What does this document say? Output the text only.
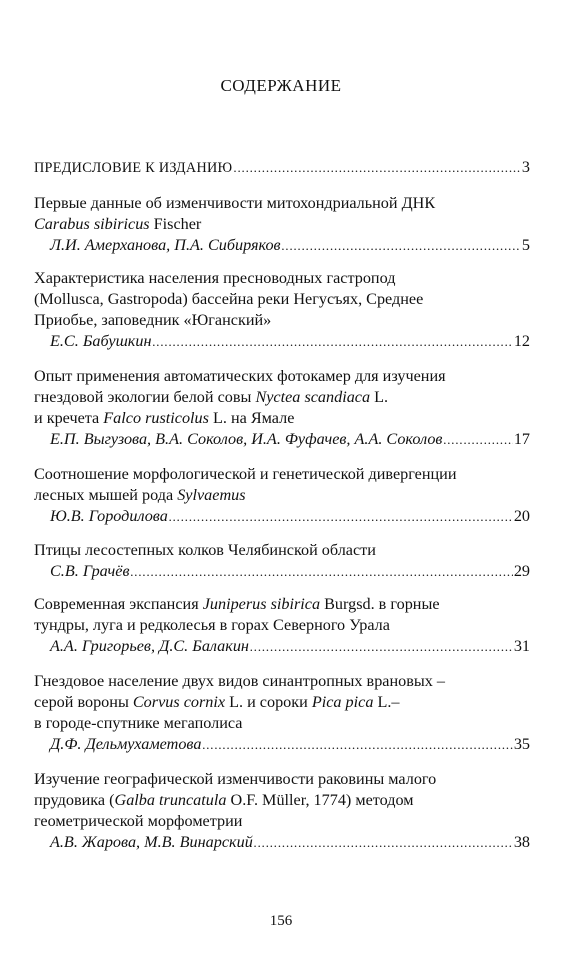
СОДЕРЖАНИЕ
ПРЕДИСЛОВИЕ К ИЗДАНИЮ .....	3
Первые данные об изменчивости митохондриальной ДНК
Carabus sibiricus Fischer
Л.И. Амерханова, П.А. Сибиряков .....	5
Характеристика населения пресноводных гастропод
(Mollusca, Gastropoda) бассейна реки Негусъях, Среднее
Приобье, заповедник «Юганский»
Е.С. Бабушкин .....	12
Опыт применения автоматических фотокамер для изучения
гнездовой экологии белой совы Nyctea scandiaca L.
и кречета Falco rusticolus L. на Ямале
Е.П. Выгузова, В.А. Соколов, И.А. Фуфачев, А.А. Соколов .....	17
Соотношение морфологической и генетической дивергенции
лесных мышей рода Sylvaemus
Ю.В. Городилова .....	20
Птицы лесостепных колков Челябинской области
С.В. Грачёв .....	29
Современная экспансия Juniperus sibirica Burgsd. в горные
тундры, луга и редколесья в горах Северного Урала
А.А. Григорьев, Д.С. Балакин .....	31
Гнездовое население двух видов синантропных врановых –
серой вороны Corvus cornix L. и сороки Pica pica L.–
в городе-спутнике мегаполиса
Д.Ф. Дельмухаметова .....	35
Изучение географической изменчивости раковины малого
прудовика (Galba truncatula O.F. Müller, 1774) методом
геометрической морфометрии
А.В. Жарова, М.В. Винарский .....	38
156
